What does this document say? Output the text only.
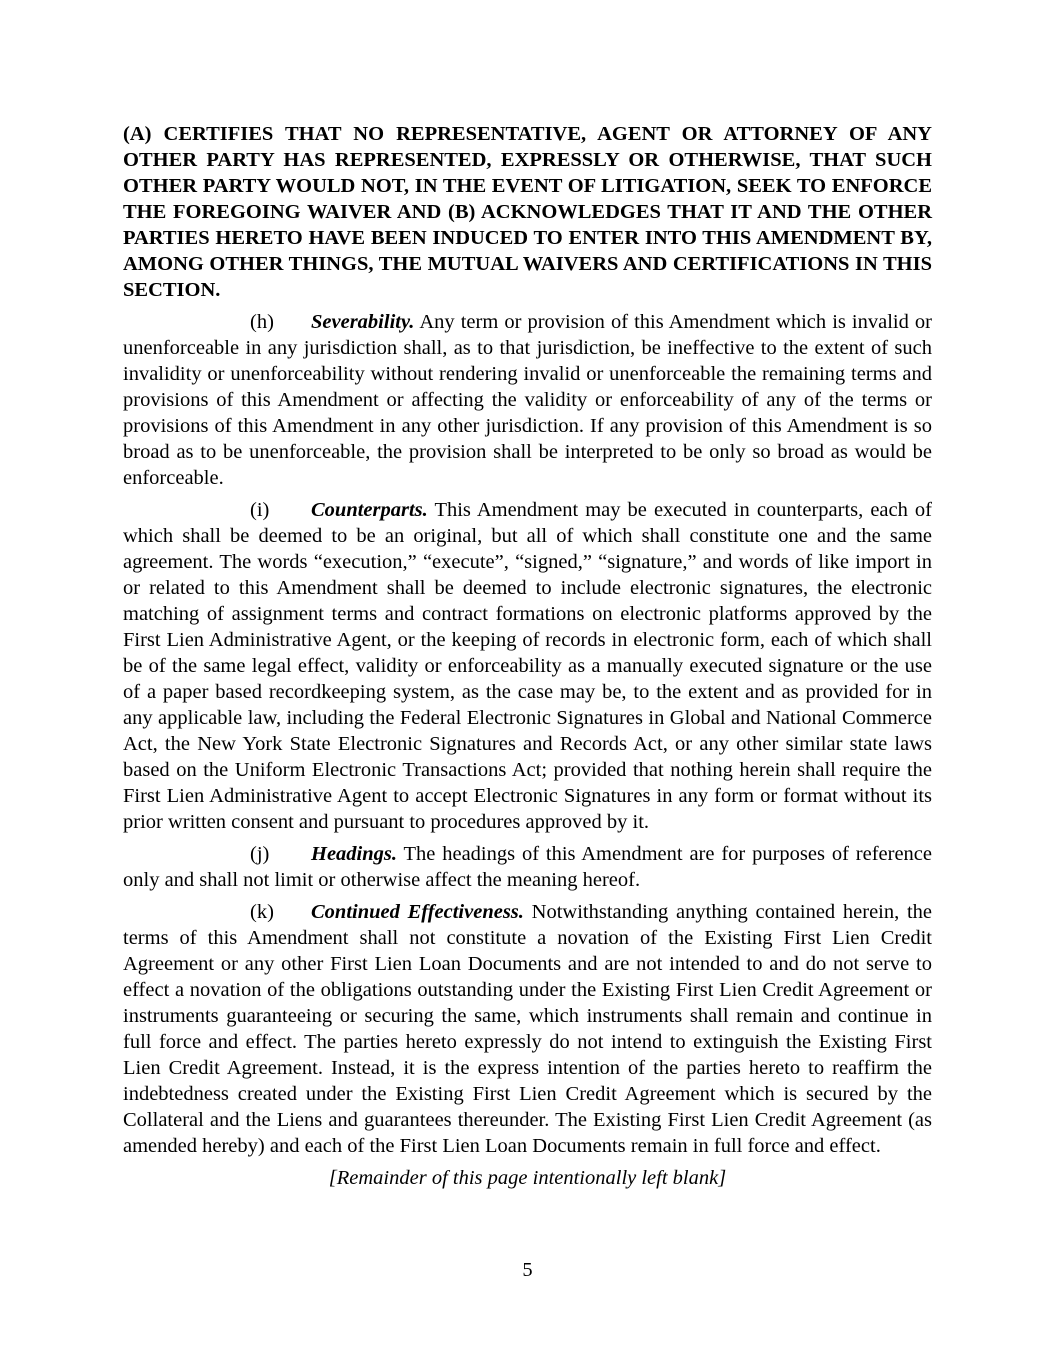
(A) CERTIFIES THAT NO REPRESENTATIVE, AGENT OR ATTORNEY OF ANY OTHER PARTY HAS REPRESENTED, EXPRESSLY OR OTHERWISE, THAT SUCH OTHER PARTY WOULD NOT, IN THE EVENT OF LITIGATION, SEEK TO ENFORCE THE FOREGOING WAIVER AND (B) ACKNOWLEDGES THAT IT AND THE OTHER PARTIES HERETO HAVE BEEN INDUCED TO ENTER INTO THIS AMENDMENT BY, AMONG OTHER THINGS, THE MUTUAL WAIVERS AND CERTIFICATIONS IN THIS SECTION.

(h) Severability. Any term or provision of this Amendment which is invalid or unenforceable in any jurisdiction shall, as to that jurisdiction, be ineffective to the extent of such invalidity or unenforceability without rendering invalid or unenforceable the remaining terms and provisions of this Amendment or affecting the validity or enforceability of any of the terms or provisions of this Amendment in any other jurisdiction. If any provision of this Amendment is so broad as to be unenforceable, the provision shall be interpreted to be only so broad as would be enforceable.

(i) Counterparts. This Amendment may be executed in counterparts, each of which shall be deemed to be an original, but all of which shall constitute one and the same agreement. The words “execution,” “execute”, “signed,” “signature,” and words of like import in or related to this Amendment shall be deemed to include electronic signatures, the electronic matching of assignment terms and contract formations on electronic platforms approved by the First Lien Administrative Agent, or the keeping of records in electronic form, each of which shall be of the same legal effect, validity or enforceability as a manually executed signature or the use of a paper based recordkeeping system, as the case may be, to the extent and as provided for in any applicable law, including the Federal Electronic Signatures in Global and National Commerce Act, the New York State Electronic Signatures and Records Act, or any other similar state laws based on the Uniform Electronic Transactions Act; provided that nothing herein shall require the First Lien Administrative Agent to accept Electronic Signatures in any form or format without its prior written consent and pursuant to procedures approved by it.

(j) Headings. The headings of this Amendment are for purposes of reference only and shall not limit or otherwise affect the meaning hereof.

(k) Continued Effectiveness. Notwithstanding anything contained herein, the terms of this Amendment shall not constitute a novation of the Existing First Lien Credit Agreement or any other First Lien Loan Documents and are not intended to and do not serve to effect a novation of the obligations outstanding under the Existing First Lien Credit Agreement or instruments guaranteeing or securing the same, which instruments shall remain and continue in full force and effect. The parties hereto expressly do not intend to extinguish the Existing First Lien Credit Agreement. Instead, it is the express intention of the parties hereto to reaffirm the indebtedness created under the Existing First Lien Credit Agreement which is secured by the Collateral and the Liens and guarantees thereunder. The Existing First Lien Credit Agreement (as amended hereby) and each of the First Lien Loan Documents remain in full force and effect.

[Remainder of this page intentionally left blank]

5
